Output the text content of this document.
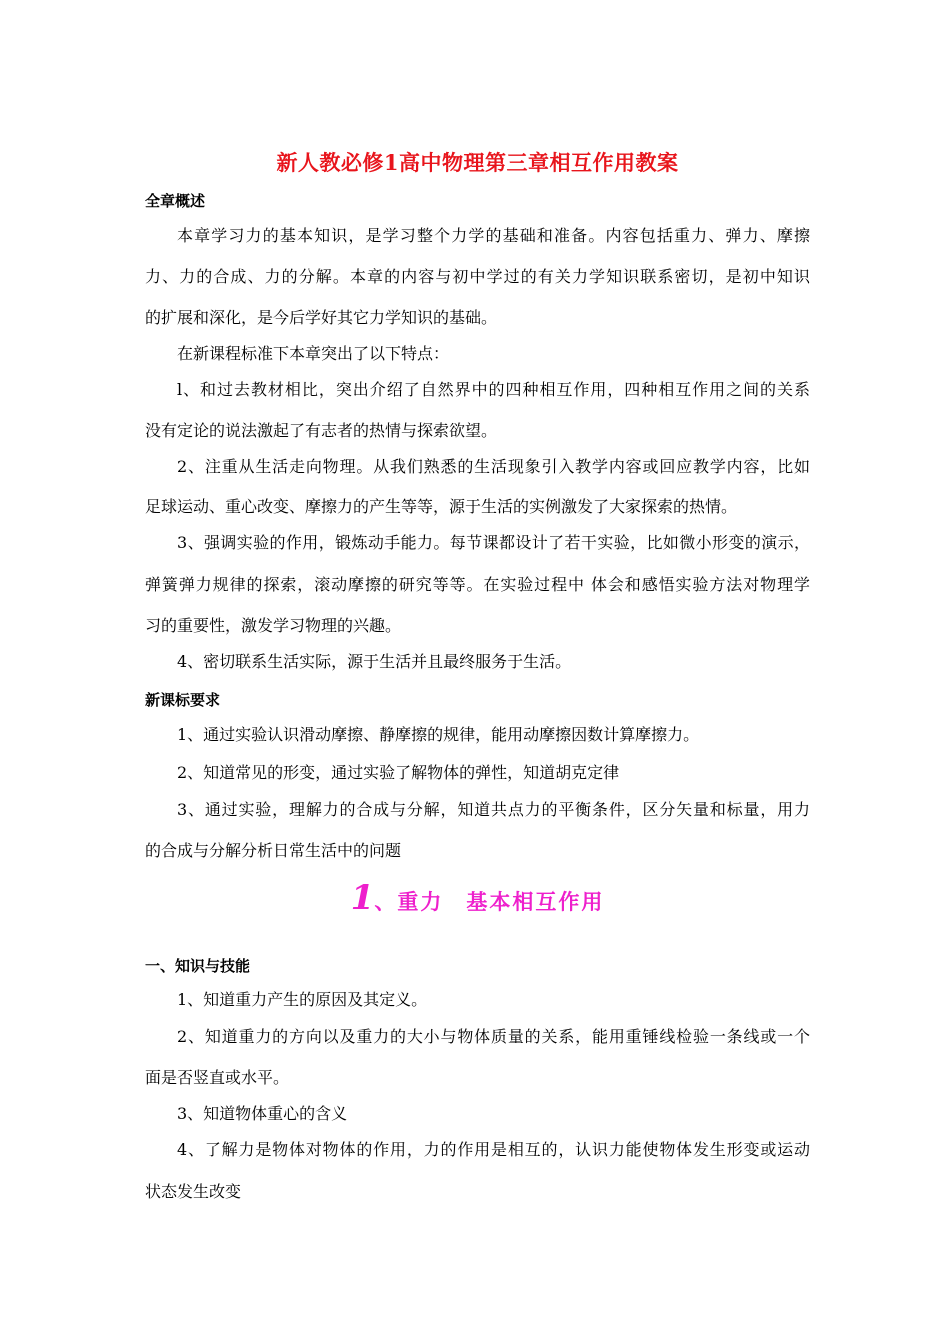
新人教必修1高中物理第三章相互作用教案
全章概述
本章学习力的基本知识，是学习整个力学的基础和准备。内容包括重力、弹力、摩擦
力、力的合成、力的分解。本章的内容与初中学过的有关力学知识联系密切，是初中知识
的扩展和深化，是今后学好其它力学知识的基础。
在新课程标准下本章突出了以下特点：
l、和过去教材相比，突出介绍了自然界中的四种相互作用，四种相互作用之间的关系
没有定论的说法激起了有志者的热情与探索欲望。
2、注重从生活走向物理。从我们熟悉的生活现象引入教学内容或回应教学内容，比如
足球运动、重心改变、摩擦力的产生等等，源于生活的实例激发了大家探索的热情。
3、强调实验的作用，锻炼动手能力。每节课都设计了若干实验，比如微小形变的演示，
弹簧弹力规律的探索，滚动摩擦的研究等等。在实验过程中 体会和感悟实验方法对物理学
习的重要性，激发学习物理的兴趣。
4、密切联系生活实际，源于生活并且最终服务于生活。
新课标要求
1、通过实验认识滑动摩擦、静摩擦的规律，能用动摩擦因数计算摩擦力。
2、知道常见的形变，通过实验了解物体的弹性，知道胡克定律
3、通过实验，理解力的合成与分解，知道共点力的平衡条件，区分矢量和标量，用力
的合成与分解分析日常生活中的问题
1、重力　基本相互作用
一、知识与技能
1、知道重力产生的原因及其定义。
2、知道重力的方向以及重力的大小与物体质量的关系，能用重锤线检验一条线或一个
面是否竖直或水平。
3、知道物体重心的含义
4、了解力是物体对物体的作用，力的作用是相互的，认识力能使物体发生形变或运动
状态发生改变
